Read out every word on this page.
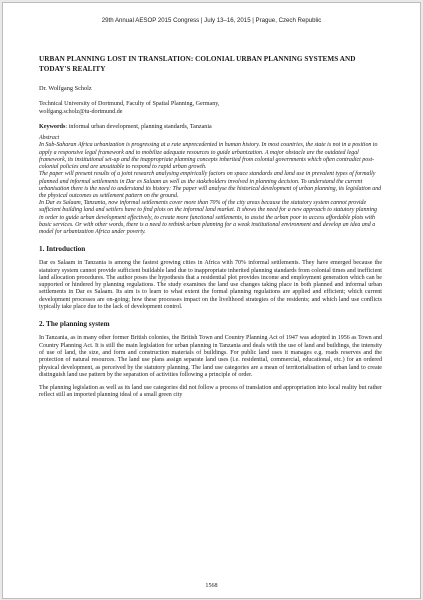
29th Annual AESOP 2015 Congress | July 13–16, 2015 | Prague, Czech Republic
URBAN PLANNING LOST IN TRANSLATION: COLONIAL URBAN PLANNING SYSTEMS AND TODAY'S REALITY
Dr. Wolfgang Scholz
Technical University of Dortmund, Faculty of Spatial Planning, Germany,
wolfgang.scholz@tu-dortmund.de
Keywords: informal urban development, planning standards, Tanzania

Abstract

In Sub-Saharan Africa urbanization is progressing at a rate unprecedented in human history. In most countries, the state is not in a position to apply a responsive legal framework and to mobilize adequate resources to guide urbanization. A major obstacle are the outdated legal framework, its institutional set-up and the inappropriate planning concepts inherited from colonial governments which often contradict post-colonial policies and are unsuitable to respond to rapid urban growth.

The paper will present results of a joint research analysing empirically factors on space standards and land use in prevalent types of formally planned and informal settlements in Dar es Salaam as well as the stakeholders involved in planning decision. To understand the current urbanisation there is the need to understand its history: The paper will analyse the historical development of urban planning, its legislation and the physical outcomes as settlement pattern on the ground.

In Dar es Salaam, Tanzania, now informal settlements cover more than 70% of the city areas because the statutory system cannot provide sufficient building land and settlers have to find plots on the informal land market. It shows the need for a new approach to statutory planning in order to guide urban development effectively, to create more functional settlements, to assist the urban poor to access affordable plots with basic services. Or with other words, there is a need to rethink urban planning for a weak institutional environment and develop an idea and a model for urbanization Africa under poverty.

1. Introduction

Dar es Salaam in Tanzania is among the fastest growing cities in Africa with 70% informal settlements. They have emerged because the statutory system cannot provide sufficient buildable land due to inappropriate inherited planning standards from colonial times and inefficient land allocation procedures. The author poses the hypothesis that a residential plot provides income and employment generation which can be supported or hindered by planning regulations. The study examines the land use changes taking place in both planned and informal urban settlements in Dar es Salaam. Its aim is to learn to what extent the formal planning regulations are applied and efficient; which current development processes are on-going; how these processes impact on the livelihood strategies of the residents; and which land use conflicts typically take place due to the lack of development control.

2. The planning system

In Tanzania, as in many other former British colonies, the British Town and Country Planning Act of 1947 was adopted in 1956 as Town and Country Planning Act. It is still the main legislation for urban planning in Tanzania and deals with the use of land and buildings, the intensity of use of land, the size, and form and construction materials of buildings. For public land uses it manages e.g. roads reserves and the protection of natural resources. The land use plans assign separate land uses (i.e. residential, commercial, educational, etc.) for an ordered physical development, as perceived by the statutory planning. The land use categories are a mean of territorialisation of urban land to create distinguish land use pattern by the separation of activities following a principle of order.

The planning legislation as well as its land use categories did not follow a process of translation and appropriation into local reality but rather reflect still an imported planning ideal of a small green city

1568
